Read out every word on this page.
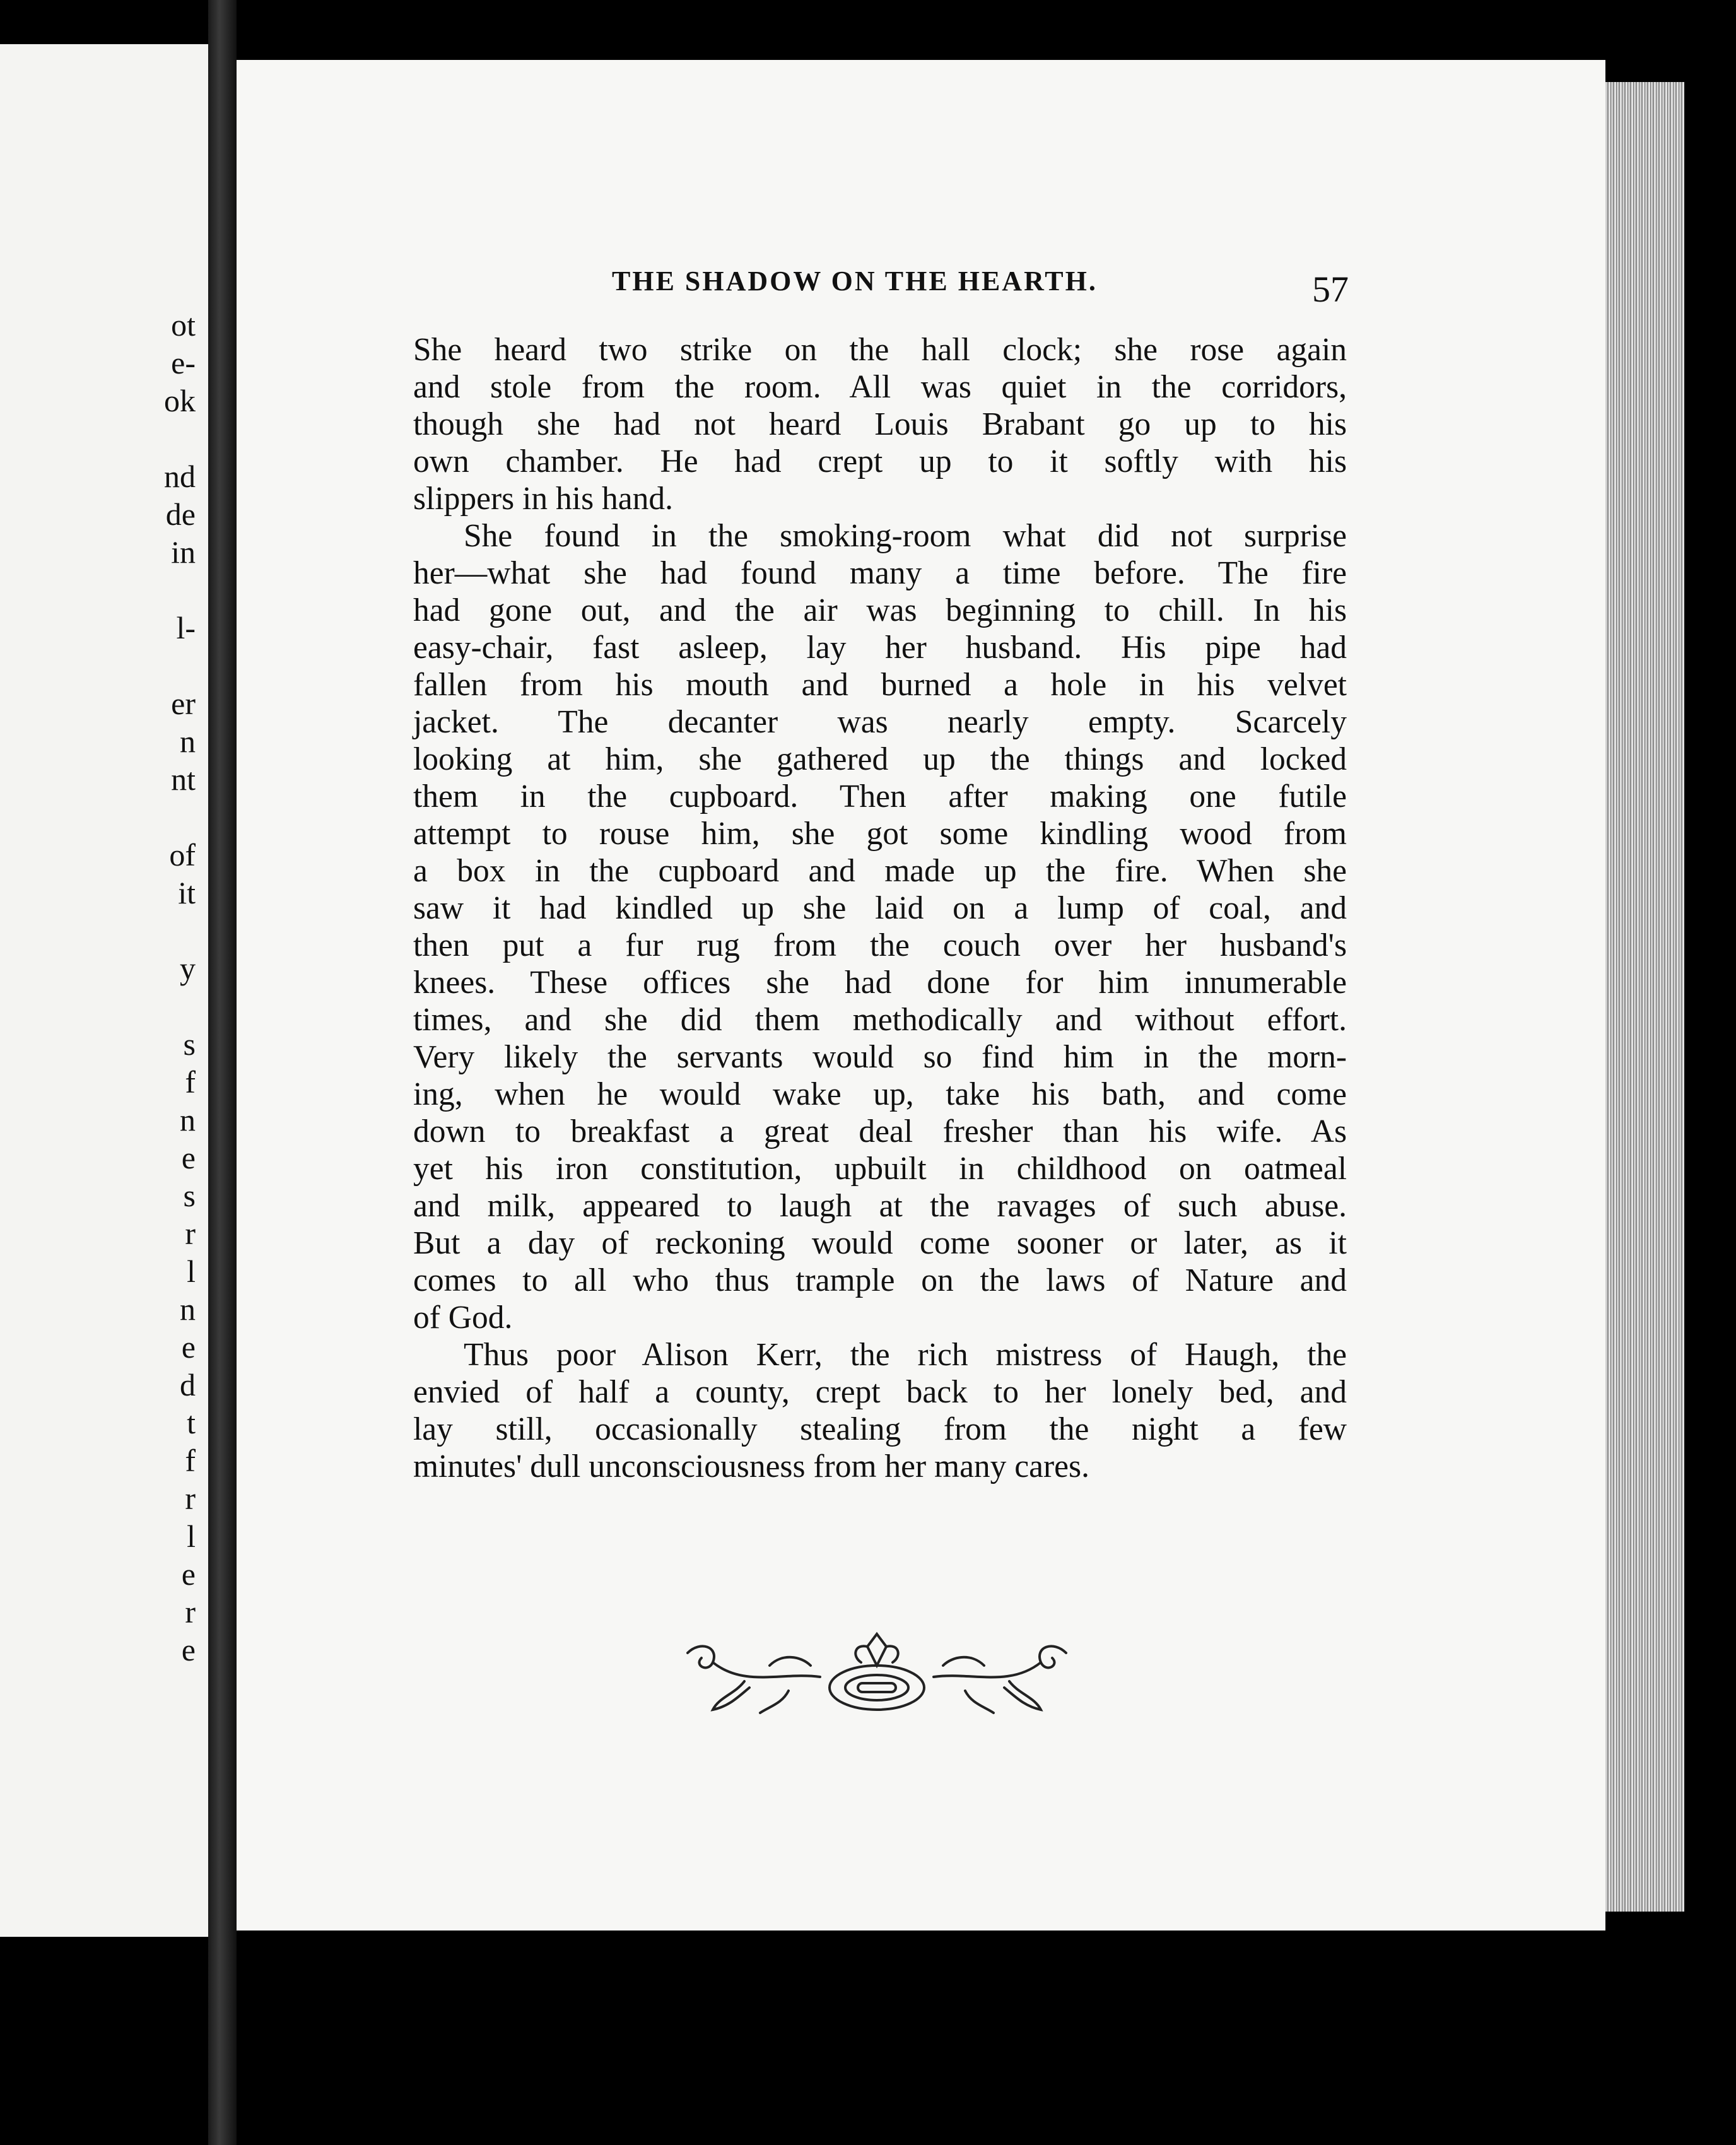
ot
e-
ok
nd
de
in
l-
er
n
nt
of
it
y
s
f
n
e
s
r
l
n
e
d
t
f
r
l
e
r
e
THE SHADOW ON THE HEARTH.	57
She heard two strike on the hall clock; she rose again
and stole from the room. All was quiet in the corridors,
though she had not heard Louis Brabant go up to his
own chamber. He had crept up to it softly with his
slippers in his hand.
She found in the smoking-room what did not surprise
her—what she had found many a time before. The fire
had gone out, and the air was beginning to chill. In his
easy-chair, fast asleep, lay her husband. His pipe had
fallen from his mouth and burned a hole in his velvet
jacket. The decanter was nearly empty. Scarcely
looking at him, she gathered up the things and locked
them in the cupboard. Then after making one futile
attempt to rouse him, she got some kindling wood from
a box in the cupboard and made up the fire. When she
saw it had kindled up she laid on a lump of coal, and
then put a fur rug from the couch over her husband's
knees. These offices she had done for him innumerable
times, and she did them methodically and without effort.
Very likely the servants would so find him in the morn-
ing, when he would wake up, take his bath, and come
down to breakfast a great deal fresher than his wife. As
yet his iron constitution, upbuilt in childhood on oatmeal
and milk, appeared to laugh at the ravages of such abuse.
But a day of reckoning would come sooner or later, as it
comes to all who thus trample on the laws of Nature and
of God.
Thus poor Alison Kerr, the rich mistress of Haugh, the
envied of half a county, crept back to her lonely bed, and
lay still, occasionally stealing from the night a few
minutes' dull unconsciousness from her many cares.
